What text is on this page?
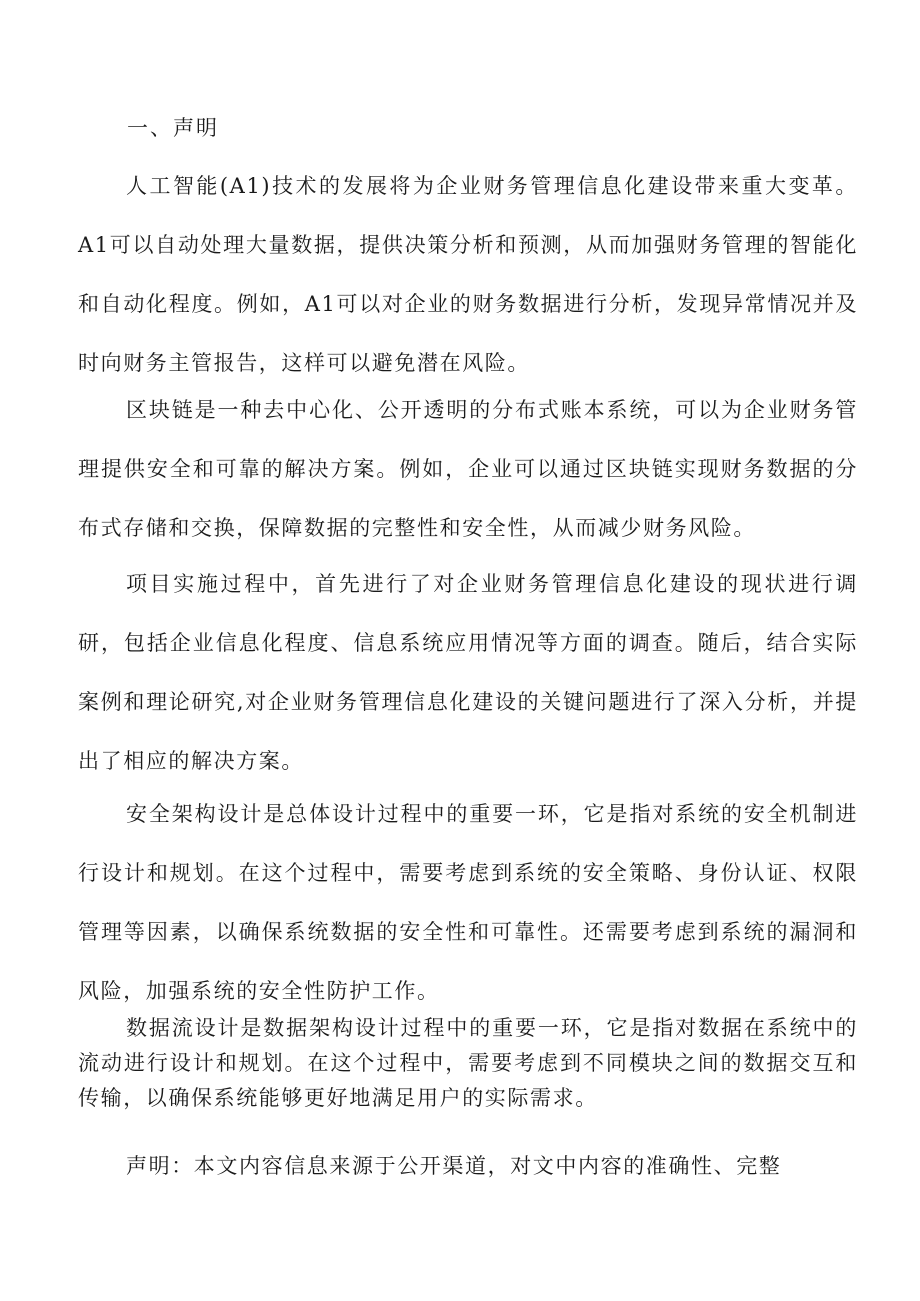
一、声明

人工智能(A1)技术的发展将为企业财务管理信息化建设带来重大变革。A1可以自动处理大量数据，提供决策分析和预测，从而加强财务管理的智能化和自动化程度。例如，A1可以对企业的财务数据进行分析，发现异常情况并及时向财务主管报告，这样可以避免潜在风险。

区块链是一种去中心化、公开透明的分布式账本系统，可以为企业财务管理提供安全和可靠的解决方案。例如，企业可以通过区块链实现财务数据的分布式存储和交换，保障数据的完整性和安全性，从而减少财务风险。

项目实施过程中，首先进行了对企业财务管理信息化建设的现状进行调研，包括企业信息化程度、信息系统应用情况等方面的调查。随后，结合实际案例和理论研究,对企业财务管理信息化建设的关键问题进行了深入分析，并提出了相应的解决方案。

安全架构设计是总体设计过程中的重要一环，它是指对系统的安全机制进行设计和规划。在这个过程中，需要考虑到系统的安全策略、身份认证、权限管理等因素，以确保系统数据的安全性和可靠性。还需要考虑到系统的漏洞和风险，加强系统的安全性防护工作。

数据流设计是数据架构设计过程中的重要一环，它是指对数据在系统中的流动进行设计和规划。在这个过程中，需要考虑到不同模块之间的数据交互和传输，以确保系统能够更好地满足用户的实际需求。

声明：本文内容信息来源于公开渠道，对文中内容的准确性、完整
